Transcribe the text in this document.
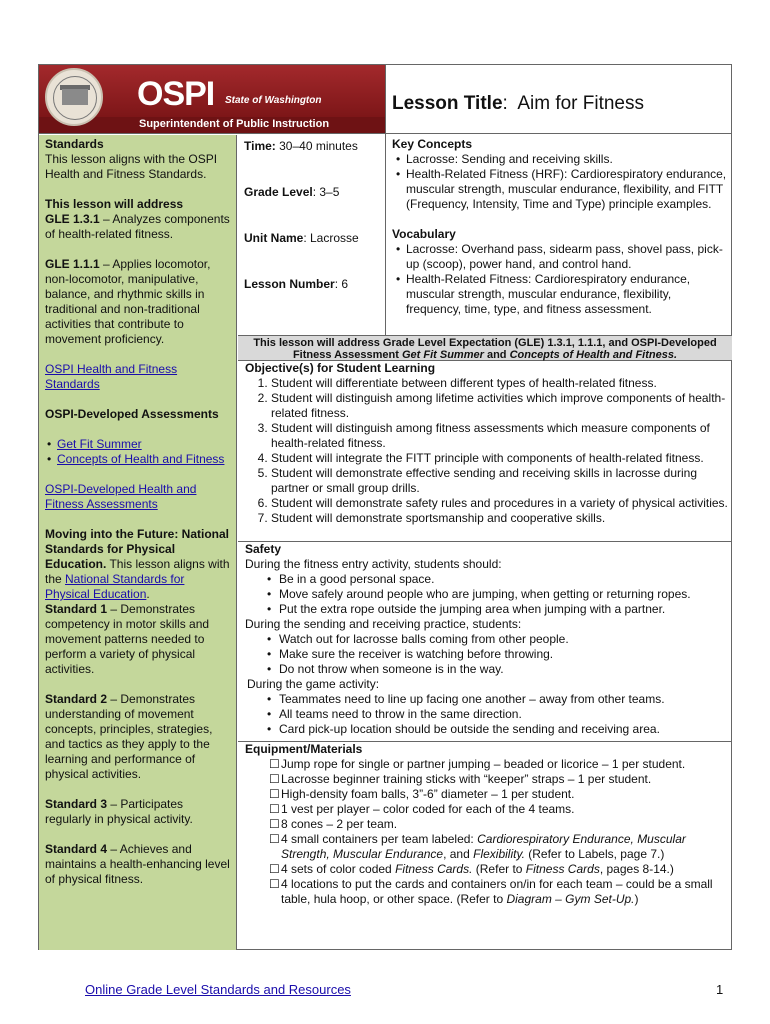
OSPI State of Washington
Superintendent of Public Instruction
Lesson Title:  Aim for Fitness

Standards
This lesson aligns with the OSPI Health and Fitness Standards.

This lesson will address
GLE 1.3.1 – Analyzes components of health-related fitness.

GLE 1.1.1 – Applies locomotor, non-locomotor, manipulative, balance, and rhythmic skills in traditional and non-traditional activities that contribute to movement proficiency.

OSPI Health and Fitness Standards

OSPI-Developed Assessments

• Get Fit Summer
• Concepts of Health and Fitness

OSPI-Developed Health and Fitness Assessments

Moving into the Future: National Standards for Physical Education. This lesson aligns with the National Standards for Physical Education.

Standard 1 – Demonstrates competency in motor skills and movement patterns needed to perform a variety of physical activities.

Standard 2 – Demonstrates understanding of movement concepts, principles, strategies, and tactics as they apply to the learning and performance of physical activities.

Standard 3 – Participates regularly in physical activity.

Standard 4 – Achieves and maintains a health-enhancing level of physical fitness.

Time: 30–40 minutes
Grade Level: 3–5
Unit Name: Lacrosse
Lesson Number: 6
Key Concepts
• Lacrosse: Sending and receiving skills.
• Health-Related Fitness (HRF): Cardiorespiratory endurance, muscular strength, muscular endurance, flexibility, and FITT (Frequency, Intensity, Time and Type) principle examples.
Vocabulary
• Lacrosse: Overhand pass, sidearm pass, shovel pass, pick-up (scoop), power hand, and control hand.
• Health-Related Fitness: Cardiorespiratory endurance, muscular strength, muscular endurance, flexibility, frequency, time, type, and fitness assessment.
This lesson will address Grade Level Expectation (GLE) 1.3.1, 1.1.1, and OSPI-Developed
Fitness Assessment Get Fit Summer and Concepts of Health and Fitness.
Objective(s) for Student Learning
1. Student will differentiate between different types of health-related fitness.
2. Student will distinguish among lifetime activities which improve components of health-related fitness.
3. Student will distinguish among fitness assessments which measure components of health-related fitness.
4. Student will integrate the FITT principle with components of health-related fitness.
5. Student will demonstrate effective sending and receiving skills in lacrosse during partner or small group drills.
6. Student will demonstrate safety rules and procedures in a variety of physical activities.
7. Student will demonstrate sportsmanship and cooperative skills.
Safety
During the fitness entry activity, students should:
• Be in a good personal space.
• Move safely around people who are jumping, when getting or returning ropes.
• Put the extra rope outside the jumping area when jumping with a partner.
During the sending and receiving practice, students:
• Watch out for lacrosse balls coming from other people.
• Make sure the receiver is watching before throwing.
• Do not throw when someone is in the way.
During the game activity:
• Teammates need to line up facing one another – away from other teams.
• All teams need to throw in the same direction.
• Card pick-up location should be outside the sending and receiving area.
Equipment/Materials
☐ Jump rope for single or partner jumping – beaded or licorice – 1 per student.
☐ Lacrosse beginner training sticks with “keeper” straps – 1 per student.
☐ High-density foam balls, 3”-6” diameter – 1 per student.
☐ 1 vest per player – color coded for each of the 4 teams.
☐ 8 cones – 2 per team.
☐ 4 small containers per team labeled: Cardiorespiratory Endurance, Muscular Strength, Muscular Endurance, and Flexibility. (Refer to Labels, page 7.)
☐ 4 sets of color coded Fitness Cards. (Refer to Fitness Cards, pages 8-14.)
☐ 4 locations to put the cards and containers on/in for each team – could be a small table, hula hoop, or other space. (Refer to Diagram – Gym Set-Up.)
Online Grade Level Standards and Resources	1
